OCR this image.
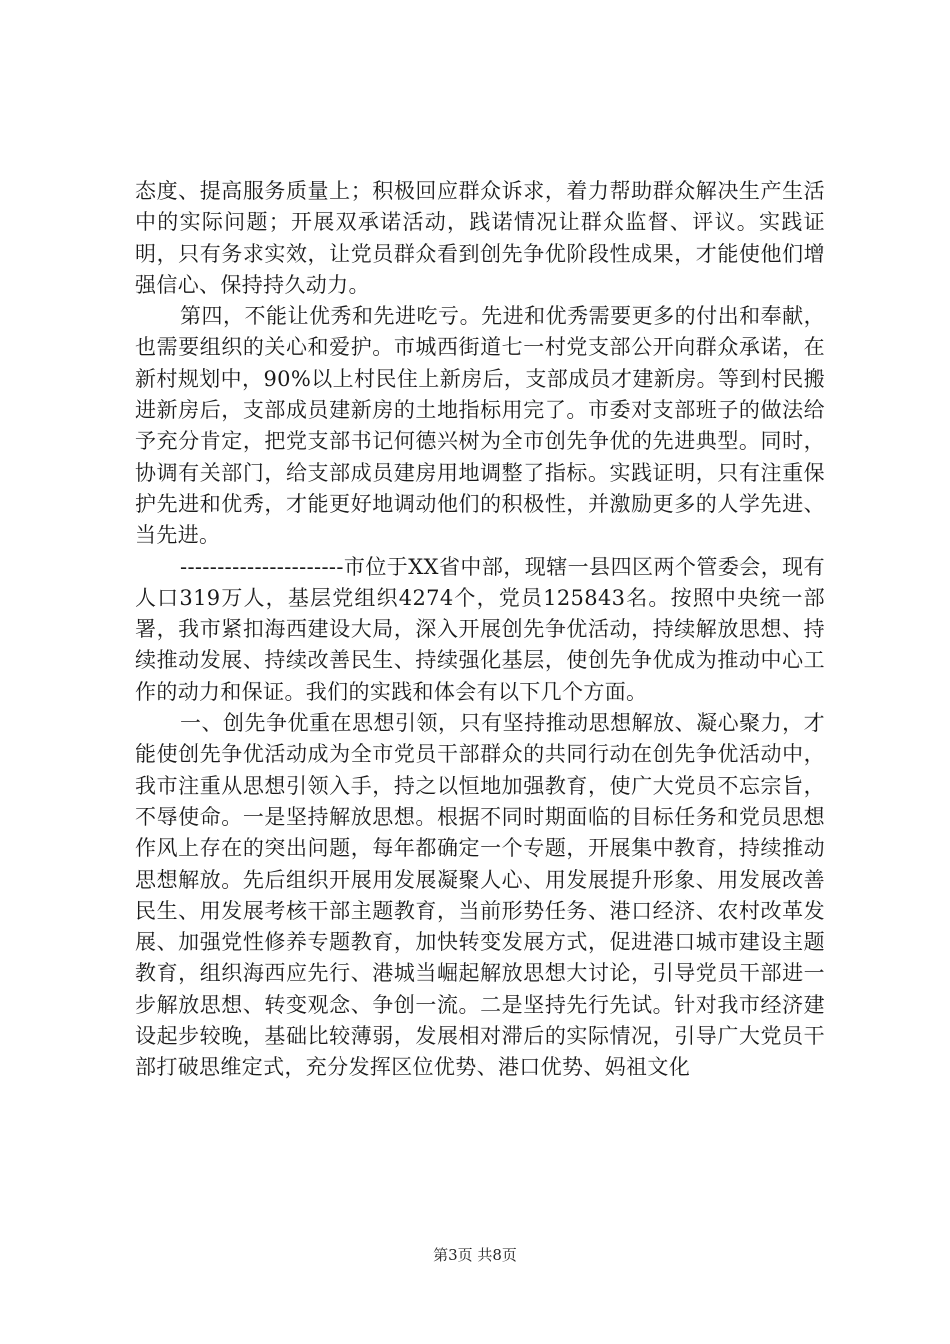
态度、提高服务质量上；积极回应群众诉求，着力帮助群众解决生产生活中的实际问题；开展双承诺活动，践诺情况让群众监督、评议。实践证明，只有务求实效，让党员群众看到创先争优阶段性成果，才能使他们增强信心、保持持久动力。

第四，不能让优秀和先进吃亏。先进和优秀需要更多的付出和奉献，也需要组织的关心和爱护。市城西街道七一村党支部公开向群众承诺，在新村规划中，90%以上村民住上新房后，支部成员才建新房。等到村民搬进新房后，支部成员建新房的土地指标用完了。市委对支部班子的做法给予充分肯定，把党支部书记何德兴树为全市创先争优的先进典型。同时，协调有关部门，给支部成员建房用地调整了指标。实践证明，只有注重保护先进和优秀，才能更好地调动他们的积极性，并激励更多的人学先进、当先进。

----------------------市位于XX省中部，现辖一县四区两个管委会，现有人口319万人，基层党组织4274个，党员125843名。按照中央统一部署，我市紧扣海西建设大局，深入开展创先争优活动，持续解放思想、持续推动发展、持续改善民生、持续强化基层，使创先争优成为推动中心工作的动力和保证。我们的实践和体会有以下几个方面。

一、创先争优重在思想引领，只有坚持推动思想解放、凝心聚力，才能使创先争优活动成为全市党员干部群众的共同行动在创先争优活动中，我市注重从思想引领入手，持之以恒地加强教育，使广大党员不忘宗旨，不辱使命。一是坚持解放思想。根据不同时期面临的目标任务和党员思想作风上存在的突出问题，每年都确定一个专题，开展集中教育，持续推动思想解放。先后组织开展用发展凝聚人心、用发展提升形象、用发展改善民生、用发展考核干部主题教育，当前形势任务、港口经济、农村改革发展、加强党性修养专题教育，加快转变发展方式，促进港口城市建设主题教育，组织海西应先行、港城当崛起解放思想大讨论，引导党员干部进一步解放思想、转变观念、争创一流。二是坚持先行先试。针对我市经济建设起步较晚，基础比较薄弱，发展相对滞后的实际情况，引导广大党员干部打破思维定式，充分发挥区位优势、港口优势、妈祖文化

第3页 共8页
